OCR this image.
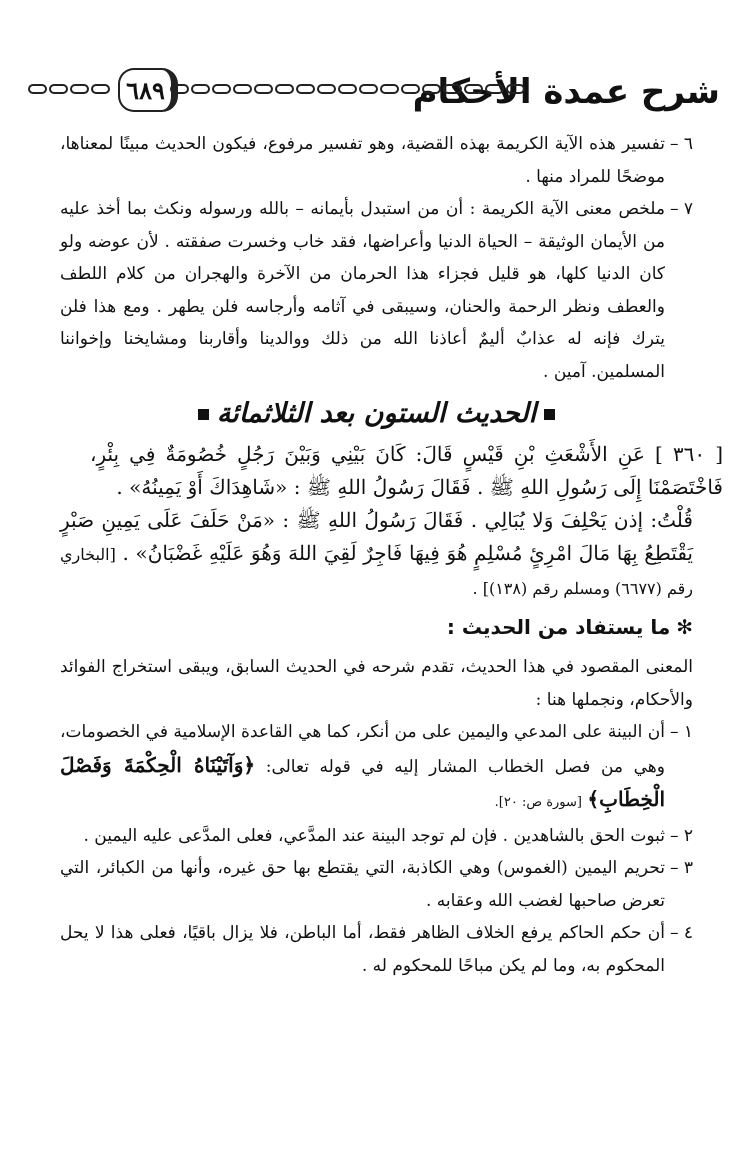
شرح عمدة الأحكام
٦٨٩
٦ –
تفسير هذه الآية الكريمة بهذه القضية، وهو تفسير مرفوع، فيكون الحديث مبينًا لمعناها، موضحًا للمراد منها .
٧ –
ملخص معنى الآية الكريمة : أن من استبدل بأيمانه – بالله ورسوله ونكث بما أخذ عليه من الأيمان الوثيقة – الحياة الدنيا وأعراضها، فقد خاب وخسرت صفقته . لأن عوضه ولو كان الدنيا كلها، هو قليل فجزاء هذا الحرمان من الآخرة والهجران من كلام اللطف والعطف ونظر الرحمة والحنان، وسيبقى في آثامه وأرجاسه فلن يطهر . ومع هذا فلن يترك فإنه له عذابٌ أليمٌ أعاذنا الله من ذلك ووالدينا وأقاربنا ومشايخنا وإخواننا المسلمين. آمين .
الحديث الستون بعد الثلاثمائة

[ ٣٦٠ ] عَنِ الأَشْعَثِ بْنِ قَيْسٍ قَالَ: كَانَ بَيْنِي وَبَيْنَ رَجُلٍ خُصُومَةٌ فِي بِئْرٍ، فَاخْتَصَمْنَا إِلَى رَسُولِ اللهِ ﷺ . فَقَالَ رَسُولُ اللهِ ﷺ : «شَاهِدَاكَ أَوْ يَمِينُهُ» .

قُلْتُ: إذن يَحْلِفَ وَلا يُبَالِي . فَقَالَ رَسُولُ اللهِ ﷺ : «مَنْ حَلَفَ عَلَى يَمِينِ صَبْرٍ يَقْتَطِعُ بِهَا مَالَ امْرِئٍ مُسْلِمٍ هُوَ فِيهَا فَاجِرٌ لَقِيَ اللهَ وَهُوَ عَلَيْهِ غَضْبَانُ» . [البخاري رقم (٦٦٧٧) ومسلم رقم (١٣٨)] .

✻ما يستفاد من الحديث :

المعنى المقصود في هذا الحديث، تقدم شرحه في الحديث السابق، ويبقى استخراج الفوائد والأحكام، ونجملها هنا :

١ –
أن البينة على المدعي واليمين على من أنكر، كما هي القاعدة الإسلامية في الخصومات، وهي من فصل الخطاب المشار إليه في قوله تعالى: ﴿وَآتَيْنَاهُ الْحِكْمَةَ وَفَصْلَ الْخِطَابِ﴾ [سورة ص: ٢٠].
٢ –
ثبوت الحق بالشاهدين . فإن لم توجد البينة عند المدَّعي، فعلى المدَّعى عليه اليمين .
٣ –
تحريم اليمين (الغموس) وهي الكاذبة، التي يقتطع بها حق غيره، وأنها من الكبائر، التي تعرض صاحبها لغضب الله وعقابه .
٤ –
أن حكم الحاكم يرفع الخلاف الظاهر فقط، أما الباطن، فلا يزال باقيًا، فعلى هذا لا يحل المحكوم به، وما لم يكن مباحًا للمحكوم له .
